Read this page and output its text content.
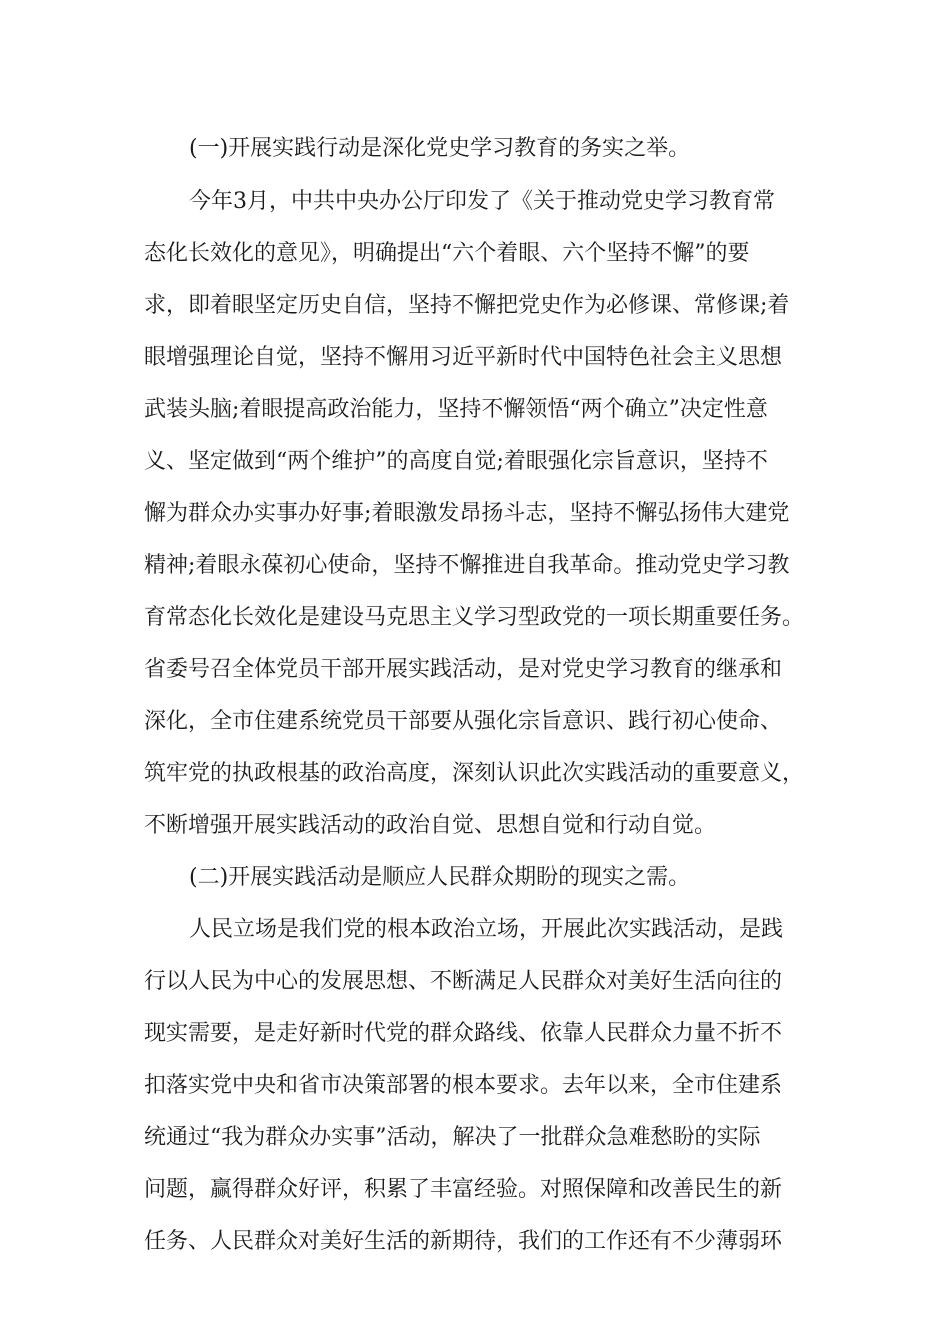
(一)开展实践行动是深化党史学习教育的务实之举。
今年3月，中共中央办公厅印发了《关于推动党史学习教育常
态化长效化的意见》，明确提出“六个着眼、六个坚持不懈”的要
求，即着眼坚定历史自信，坚持不懈把党史作为必修课、常修课;着
眼增强理论自觉，坚持不懈用习近平新时代中国特色社会主义思想
武装头脑;着眼提高政治能力，坚持不懈领悟“两个确立”决定性意
义、坚定做到“两个维护”的高度自觉;着眼强化宗旨意识，坚持不
懈为群众办实事办好事;着眼激发昂扬斗志，坚持不懈弘扬伟大建党
精神;着眼永葆初心使命，坚持不懈推进自我革命。推动党史学习教
育常态化长效化是建设马克思主义学习型政党的一项长期重要任务。
省委号召全体党员干部开展实践活动，是对党史学习教育的继承和
深化，全市住建系统党员干部要从强化宗旨意识、践行初心使命、
筑牢党的执政根基的政治高度，深刻认识此次实践活动的重要意义，
不断增强开展实践活动的政治自觉、思想自觉和行动自觉。
(二)开展实践活动是顺应人民群众期盼的现实之需。
人民立场是我们党的根本政治立场，开展此次实践活动，是践
行以人民为中心的发展思想、不断满足人民群众对美好生活向往的
现实需要，是走好新时代党的群众路线、依靠人民群众力量不折不
扣落实党中央和省市决策部署的根本要求。去年以来，全市住建系
统通过“我为群众办实事”活动，解决了一批群众急难愁盼的实际
问题，赢得群众好评，积累了丰富经验。对照保障和改善民生的新
任务、人民群众对美好生活的新期待，我们的工作还有不少薄弱环
